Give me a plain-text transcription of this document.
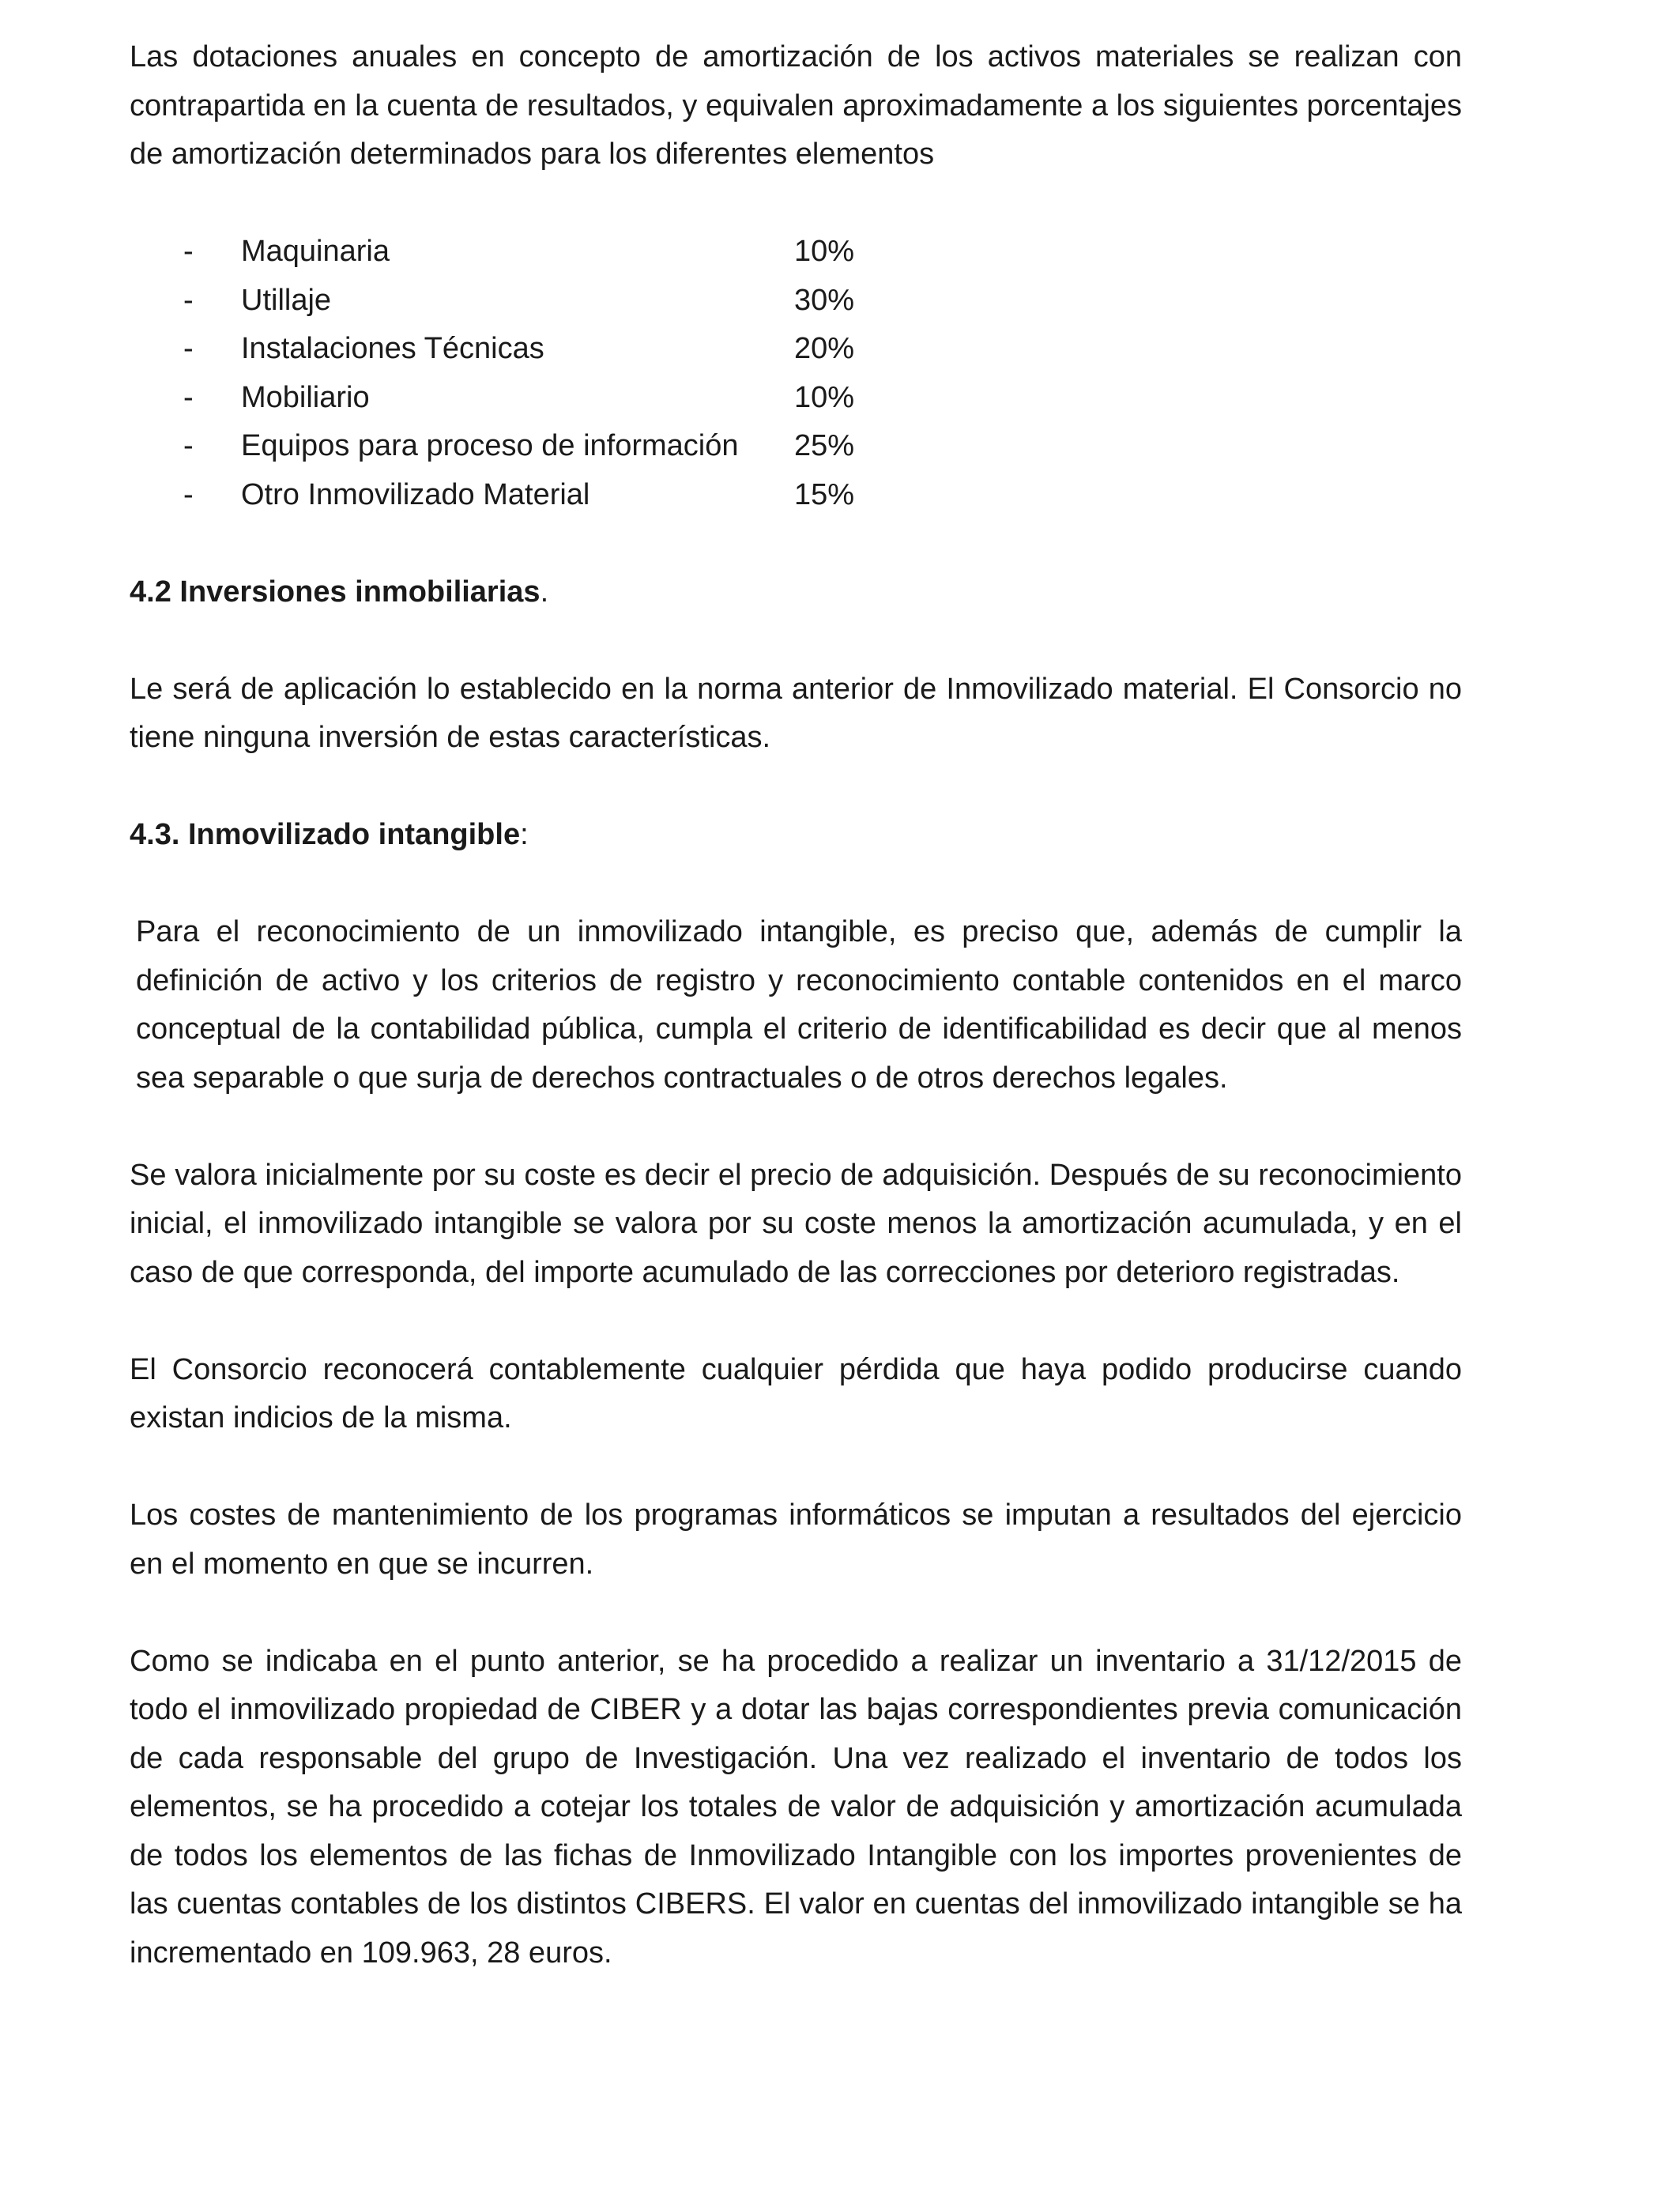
Las dotaciones anuales en concepto de amortización de los activos materiales se realizan con contrapartida en la cuenta de resultados, y equivalen aproximadamente a los siguientes porcentajes de amortización determinados para los diferentes elementos

-	Maquinaria	10%
-	Utillaje	30%
-	Instalaciones Técnicas	20%
-	Mobiliario	10%
-	Equipos para proceso de información	25%
-	Otro Inmovilizado Material	15%

4.2 Inversiones inmobiliarias.

Le será de aplicación lo establecido en la norma anterior de Inmovilizado material. El Consorcio no tiene ninguna inversión de estas características.

4.3. Inmovilizado intangible:

Para el reconocimiento de un inmovilizado intangible, es preciso que, además de cumplir la definición de activo y los criterios de registro y reconocimiento contable contenidos en el marco conceptual de la contabilidad pública, cumpla el criterio de identificabilidad es decir que al menos sea separable o que surja de derechos contractuales o de otros derechos legales.

Se valora inicialmente por su coste es decir el precio de adquisición. Después de su reconocimiento inicial, el inmovilizado intangible se valora por su coste menos la amortización acumulada, y en el caso de que corresponda, del importe acumulado de las correcciones por deterioro registradas.

El Consorcio reconocerá contablemente cualquier pérdida que haya podido producirse cuando existan indicios de la misma.

Los costes de mantenimiento de los programas informáticos se imputan a resultados del ejercicio en el momento en que se incurren.

Como se indicaba en el punto anterior, se ha procedido a realizar un inventario a 31/12/2015 de todo el inmovilizado propiedad de CIBER y a dotar las bajas correspondientes previa comunicación de cada responsable del grupo de Investigación. Una vez realizado el inventario de todos los elementos, se ha procedido a cotejar los totales de valor de adquisición y amortización acumulada de todos los elementos de las fichas de Inmovilizado Intangible con los importes provenientes de las cuentas contables de los distintos CIBERS. El valor en cuentas del inmovilizado intangible se ha incrementado en 109.963, 28 euros.
